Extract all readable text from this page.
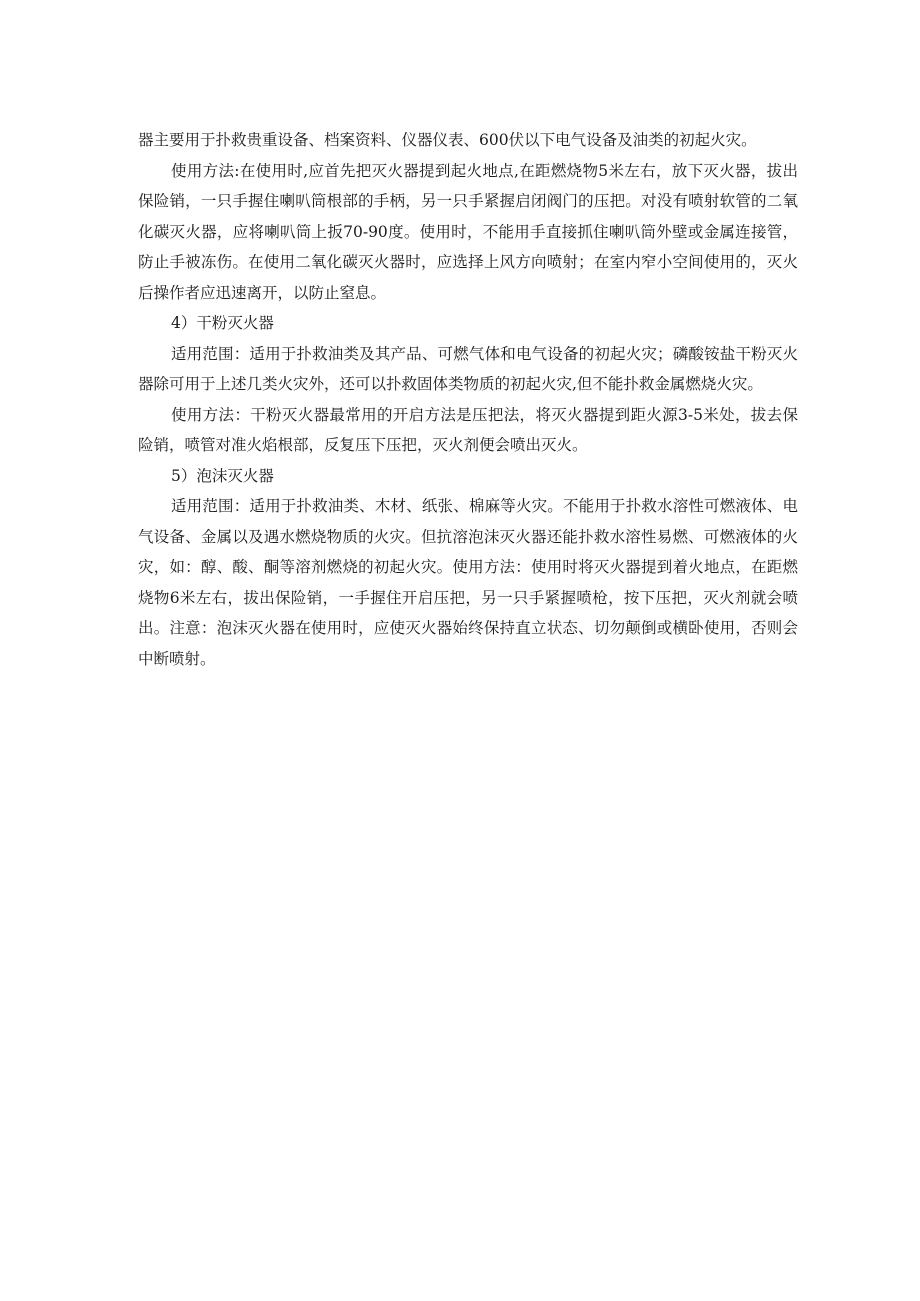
器主要用于扑救贵重设备、档案资料、仪器仪表、600伏以下电气设备及油类的初起火灾。

使用方法:在使用时,应首先把灭火器提到起火地点,在距燃烧物5米左右，放下灭火器，拔出保险销，一只手握住喇叭筒根部的手柄，另一只手紧握启闭阀门的压把。对没有喷射软管的二氧化碳灭火器，应将喇叭筒上扳70-90度。使用时，不能用手直接抓住喇叭筒外壁或金属连接管，防止手被冻伤。在使用二氧化碳灭火器时，应选择上风方向喷射；在室内窄小空间使用的，灭火后操作者应迅速离开，以防止窒息。

4）干粉灭火器

适用范围：适用于扑救油类及其产品、可燃气体和电气设备的初起火灾；磷酸铵盐干粉灭火器除可用于上述几类火灾外，还可以扑救固体类物质的初起火灾,但不能扑救金属燃烧火灾。

使用方法：干粉灭火器最常用的开启方法是压把法，将灭火器提到距火源3-5米处，拔去保险销，喷管对准火焰根部，反复压下压把，灭火剂便会喷出灭火。

5）泡沫灭火器

适用范围：适用于扑救油类、木材、纸张、棉麻等火灾。不能用于扑救水溶性可燃液体、电气设备、金属以及遇水燃烧物质的火灾。但抗溶泡沫灭火器还能扑救水溶性易燃、可燃液体的火灾，如：醇、酸、酮等溶剂燃烧的初起火灾。使用方法：使用时将灭火器提到着火地点，在距燃烧物6米左右，拔出保险销，一手握住开启压把，另一只手紧握喷枪，按下压把，灭火剂就会喷出。注意：泡沫灭火器在使用时，应使灭火器始终保持直立状态、切勿颠倒或横卧使用，否则会中断喷射。
